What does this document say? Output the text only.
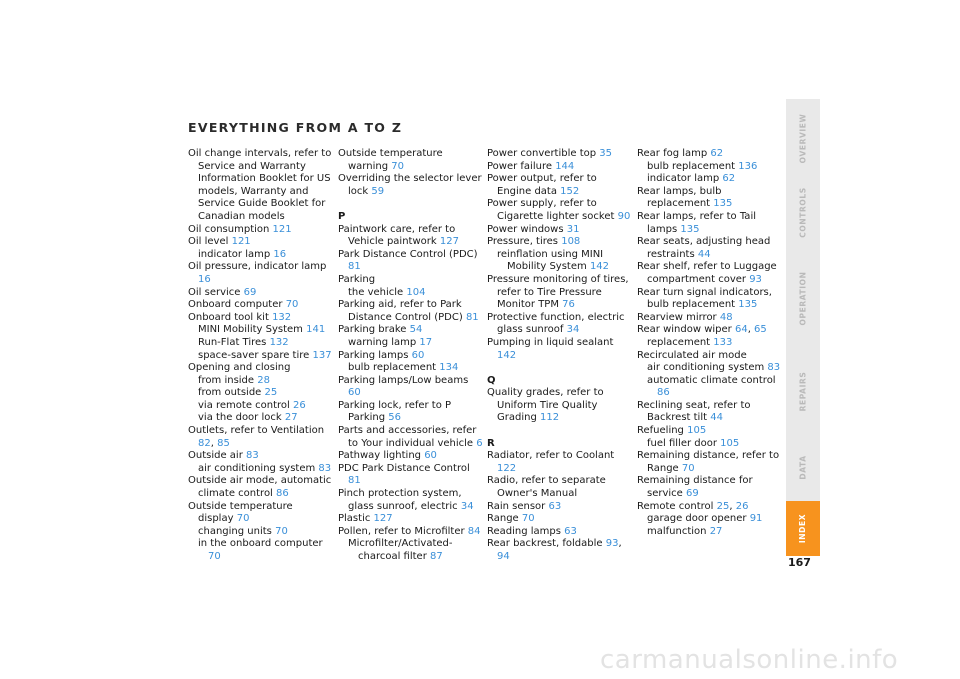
EVERYTHING FROM A TO Z
Oil change intervals, refer to Service and Warranty Information Booklet for US models, Warranty and Service Guide Booklet for Canadian models
Oil consumption 121
Oil level 121
indicator lamp 16
Oil pressure, indicator lamp 16
Oil service 69
Onboard computer 70
Onboard tool kit 132
MINI Mobility System 141
Run-Flat Tires 132
space-saver spare tire 137
Opening and closing
from inside 28
from outside 25
via remote control 26
via the door lock 27
Outlets, refer to Ventilation 82, 85
Outside air 83
air conditioning system 83
Outside air mode, automatic climate control 86
Outside temperature
display 70
changing units 70
in the onboard computer 70
Outside temperature warning 70
Overriding the selector lever lock 59
P
Paintwork care, refer to Vehicle paintwork 127
Park Distance Control (PDC) 81
Parking
the vehicle 104
Parking aid, refer to Park Distance Control (PDC) 81
Parking brake 54
warning lamp 17
Parking lamps 60
bulb replacement 134
Parking lamps/Low beams 60
Parking lock, refer to P Parking 56
Parts and accessories, refer to Your individual vehicle 6
Pathway lighting 60
PDC Park Distance Control 81
Pinch protection system, glass sunroof, electric 34
Plastic 127
Pollen, refer to Microfilter 84
Microfilter/Activated-charcoal filter 87
Power convertible top 35
Power failure 144
Power output, refer to Engine data 152
Power supply, refer to Cigarette lighter socket 90
Power windows 31
Pressure, tires 108
reinflation using MINI Mobility System 142
Pressure monitoring of tires, refer to Tire Pressure Monitor TPM 76
Protective function, electric glass sunroof 34
Pumping in liquid sealant 142
Q
Quality grades, refer to Uniform Tire Quality Grading 112
R
Radiator, refer to Coolant 122
Radio, refer to separate Owner's Manual
Rain sensor 63
Range 70
Reading lamps 63
Rear backrest, foldable 93, 94
Rear fog lamp 62
bulb replacement 136
indicator lamp 62
Rear lamps, bulb replacement 135
Rear lamps, refer to Tail lamps 135
Rear seats, adjusting head restraints 44
Rear shelf, refer to Luggage compartment cover 93
Rear turn signal indicators, bulb replacement 135
Rearview mirror 48
Rear window wiper 64, 65
replacement 133
Recirculated air mode
air conditioning system 83
automatic climate control 86
Reclining seat, refer to Backrest tilt 44
Refueling 105
fuel filler door 105
Remaining distance, refer to Range 70
Remaining distance for service 69
Remote control 25, 26
garage door opener 91
malfunction 27
OVERVIEW
CONTROLS
OPERATION
REPAIRS
DATA
INDEX
167
carmanualsonline.info
